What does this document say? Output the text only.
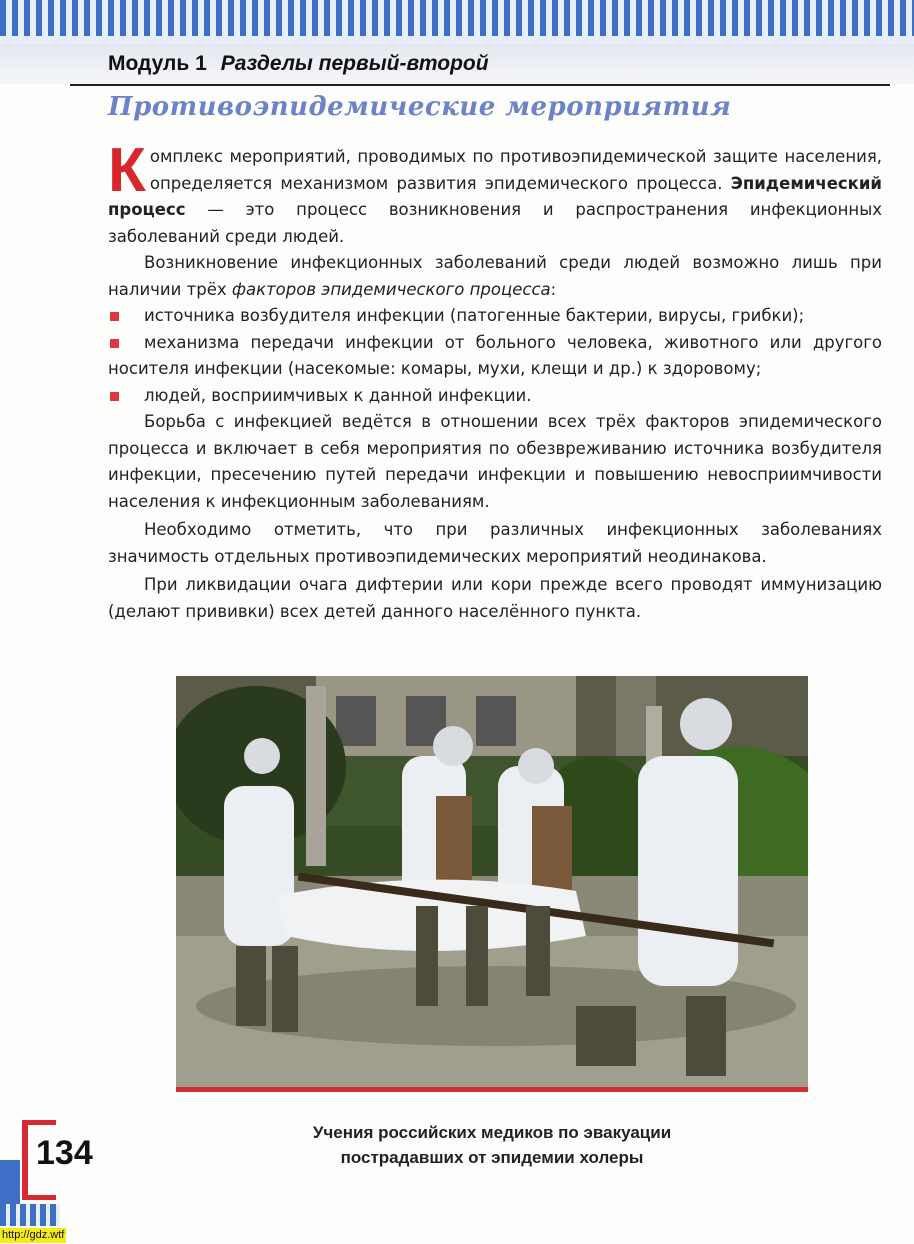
Модуль 1 Разделы первый-второй
Противоэпидемические мероприятия

Комплекс мероприятий, проводимых по противоэпидемической защите населения, определяется механизмом развития эпидемического процесса. Эпидемический процесс — это процесс возникновения и распространения инфекционных заболеваний среди людей.

Возникновение инфекционных заболеваний среди людей возможно лишь при наличии трёх факторов эпидемического процесса:

источника возбудителя инфекции (патогенные бактерии, вирусы, грибки);

механизма передачи инфекции от больного человека, животного или другого носителя инфекции (насекомые: комары, мухи, клещи и др.) к здоровому;

людей, восприимчивых к данной инфекции.

Борьба с инфекцией ведётся в отношении всех трёх факторов эпидемического процесса и включает в себя мероприятия по обезвреживанию источника возбудителя инфекции, пресечению путей передачи инфекции и повышению невосприимчивости населения к инфекционным заболеваниям.

Необходимо отметить, что при различных инфекционных заболеваниях значимость отдельных противоэпидемических мероприятий неодинакова.

При ликвидации очага дифтерии или кори прежде всего проводят иммунизацию (делают прививки) всех детей данного населённого пункта.

Учения российских медиков по эвакуации
пострадавших от эпидемии холеры
134
http://gdz.wtf
